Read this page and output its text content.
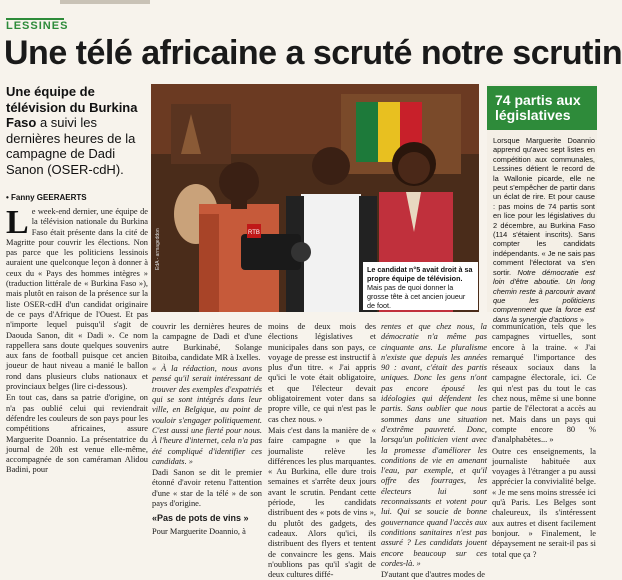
LESSINES
Une télé africaine a scruté notre scrutin
Une équipe de télévision du Burkina Faso a suivi les dernières heures de la campagne de Dadi Sanon (OSER-cdH).
• Fanny GEERAERTS

Le week-end dernier, une équipe de la télévision nationale du Burkina Faso était présente dans la cité de Magritte pour couvrir les élections. Non pas parce que les politiciens lessinois auraient une quelconque leçon à donner à ceux du « Pays des hommes intègres » (traduction littérale de « Burkina Faso »), mais plutôt en raison de la présence sur la liste OSER-cdH d'un candidat originaire de ce pays d'Afrique de l'Ouest. Et pas n'importe lequel puisqu'il s'agit de Daouda Sanon, dit « Dadi ». Ce nom rappellera sans doute quelques souvenirs aux fans de football puisque cet ancien joueur de haut niveau a manié le ballon rond dans plusieurs clubs nationaux et provinciaux belges (lire ci-dessous).

En tout cas, dans sa patrie d'origine, on n'a pas oublié celui qui reviendrait défendre les couleurs de son pays pour les compétitions africaines, assure Marguerite Doannio. La présentatrice du journal de 20h est venue elle-même, accompagnée de son caméraman Alidou Badini, pour

RTB
EdA - armageddon	Le candidat n°5 avait droit à sa propre équipe de télévision. Mais pas de quoi donner la grosse tête à cet ancien joueur de foot.
74 partis aux législatives
Lorsque Marguerite Doannio apprend qu'avec sept listes en compétition aux communales, Lessines détient le record de la Wallonie picarde, elle ne peut s'empêcher de partir dans un éclat de rire. Et pour cause : pas moins de 74 partis sont en lice pour les législatives du 2 décembre, au Burkina Faso (114 s'étaient inscrits). Sans compter les candidats indépendants. « Je ne sais pas comment l'électorat va s'en sortir. Notre démocratie est loin d'être aboutie. Un long chemin reste à parcourir avant que les politiciens comprennent que la force est dans la synergie d'actions »

couvrir les dernières heures de la campagne de Dadi et d'une autre Burkinabé, Solange Bitoiba, candidate MR à Ixelles.

« À la rédaction, nous avons pensé qu'il serait intéressant de trouver des exemples d'expatriés qui se sont intégrés dans leur ville, en Belgique, au point de vouloir s'engager politiquement. C'est aussi une fierté pour nous. À l'heure d'internet, cela n'a pas été compliqué d'identifier ces candidats. »

Dadi Sanon se dit le premier étonné d'avoir retenu l'attention d'une « star de la télé » de son pays d'origine.

«Pas de pots de vins »

Pour Marguerite Doannio, à

moins de deux mois des élections législatives et municipales dans son pays, ce voyage de presse est instructif à plus d'un titre. « J'ai appris qu'ici le vote était obligatoire, et que l'électeur devait obligatoirement voter dans sa propre ville, ce qui n'est pas le cas chez nous. »

Mais c'est dans la manière de « faire campagne » que la journaliste relève les différences les plus marquantes. « Au Burkina, elle dure trois semaines et s'arrête deux jours avant le scrutin. Pendant cette période, les candidats distribuent des « pots de vins », du plutôt des gadgets, des cadeaux. Alors qu'ici, ils distribuent des flyers et tentent de convaincre les gens. Mais n'oublions pas qu'il s'agit de deux cultures diffé-

rentes et que chez nous, la démocratie n'a même pas cinquante ans. Le pluralisme n'existe que depuis les années 90 : avant, c'était des partis uniques. Donc les gens n'ont pas encore épousé les idéologies qui défendent les partis. Sans oublier que nous sommes dans une situation d'extrême pauvreté. Donc, lorsqu'un politicien vient avec la promesse d'améliorer les conditions de vie en amenant l'eau, par exemple, et qu'il offre des fourrages, les électeurs lui sont reconnaissants et votent pour lui. Qui se soucie de bonne gouvernance quand l'accès aux conditions sanitaires n'est pas assuré ? Les candidats jouent encore beaucoup sur ces cordes-là. »

D'autant que d'autres modes de

communication, tels que les campagnes virtuelles, sont encore à la traine. « J'ai remarqué l'importance des réseaux sociaux dans la campagne électorale, ici. Ce qui n'est pas du tout le cas chez nous, même si une bonne partie de l'électorat a accès au net. Mais dans un pays qui compte encore 80 % d'analphabètes... »

Outre ces enseignements, la journaliste habituée aux voyages à l'étranger a pu aussi apprécier la convivialité belge. « Je me sens moins stressée ici qu'à Paris. Les Belges sont chaleureux, ils s'intéressent aux autres et disent facilement bonjour. » Finalement, le dépaysement ne serait-il pas si total que ça ?
